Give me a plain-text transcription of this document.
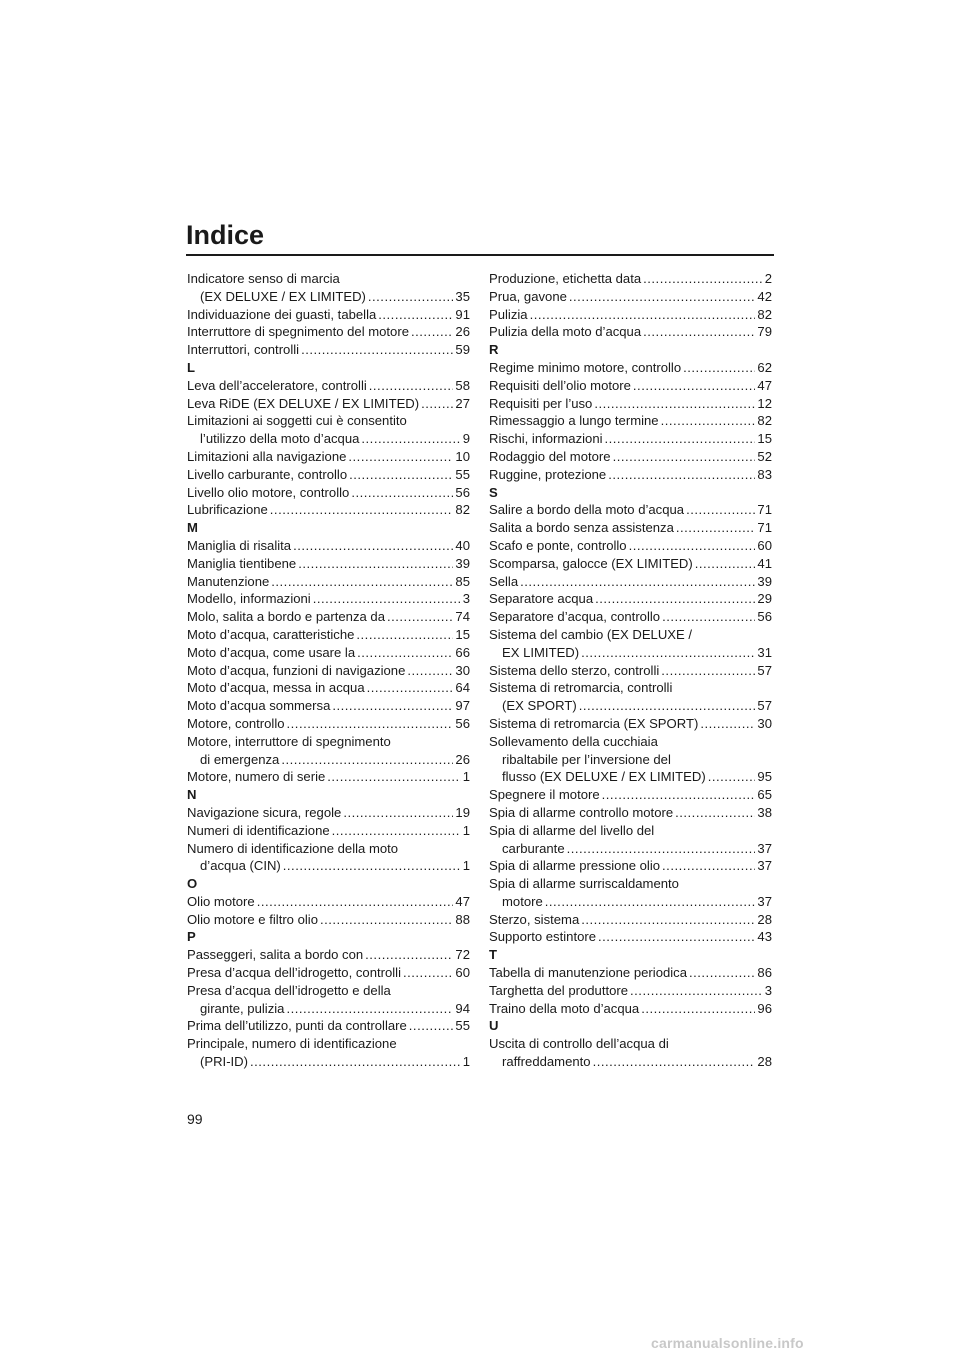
Indice
Indicatore senso di marcia
(EX DELUXE / EX LIMITED) .....	35
Individuazione dei guasti, tabella .....	91
Interruttore di spegnimento del motore .....	26
Interruttori, controlli .....	59
L
Leva dell’acceleratore, controlli .....	58
Leva RiDE (EX DELUXE / EX LIMITED) .....	27
Limitazioni ai soggetti cui è consentito
l’utilizzo della moto d’acqua .....	9
Limitazioni alla navigazione .....	10
Livello carburante, controllo .....	55
Livello olio motore, controllo .....	56
Lubrificazione .....	82
M
Maniglia di risalita .....	40
Maniglia tientibene .....	39
Manutenzione .....	85
Modello, informazioni .....	3
Molo, salita a bordo e partenza da .....	74
Moto d’acqua, caratteristiche .....	15
Moto d’acqua, come usare la .....	66
Moto d’acqua, funzioni di navigazione .....	30
Moto d’acqua, messa in acqua .....	64
Moto d’acqua sommersa .....	97
Motore, controllo .....	56
Motore, interruttore di spegnimento
di emergenza .....	26
Motore, numero di serie .....	1
N
Navigazione sicura, regole .....	19
Numeri di identificazione .....	1
Numero di identificazione della moto
d’acqua (CIN) .....	1
O
Olio motore .....	47
Olio motore e filtro olio .....	88
P
Passeggeri, salita a bordo con .....	72
Presa d’acqua dell’idrogetto, controlli .....	60
Presa d’acqua dell’idrogetto e della
girante, pulizia .....	94
Prima dell’utilizzo, punti da controllare .....	55
Principale, numero di identificazione
(PRI-ID) .....	1
Produzione, etichetta data .....	2
Prua, gavone .....	42
Pulizia .....	82
Pulizia della moto d’acqua .....	79
R
Regime minimo motore, controllo .....	62
Requisiti dell’olio motore .....	47
Requisiti per l’uso .....	12
Rimessaggio a lungo termine .....	82
Rischi, informazioni .....	15
Rodaggio del motore .....	52
Ruggine, protezione .....	83
S
Salire a bordo della moto d’acqua .....	71
Salita a bordo senza assistenza .....	71
Scafo e ponte, controllo .....	60
Scomparsa, galocce (EX LIMITED) .....	41
Sella .....	39
Separatore acqua .....	29
Separatore d’acqua, controllo .....	56
Sistema del cambio (EX DELUXE /
EX LIMITED) .....	31
Sistema dello sterzo, controlli .....	57
Sistema di retromarcia, controlli
(EX SPORT) .....	57
Sistema di retromarcia (EX SPORT) .....	30
Sollevamento della cucchiaia
ribaltabile per l’inversione del
flusso (EX DELUXE / EX LIMITED) .....	95
Spegnere il motore .....	65
Spia di allarme controllo motore .....	38
Spia di allarme del livello del
carburante .....	37
Spia di allarme pressione olio .....	37
Spia di allarme surriscaldamento
motore .....	37
Sterzo, sistema .....	28
Supporto estintore .....	43
T
Tabella di manutenzione periodica .....	86
Targhetta del produttore .....	3
Traino della moto d’acqua .....	96
U
Uscita di controllo dell’acqua di
raffreddamento .....	28
99
carmanualsonline.info
